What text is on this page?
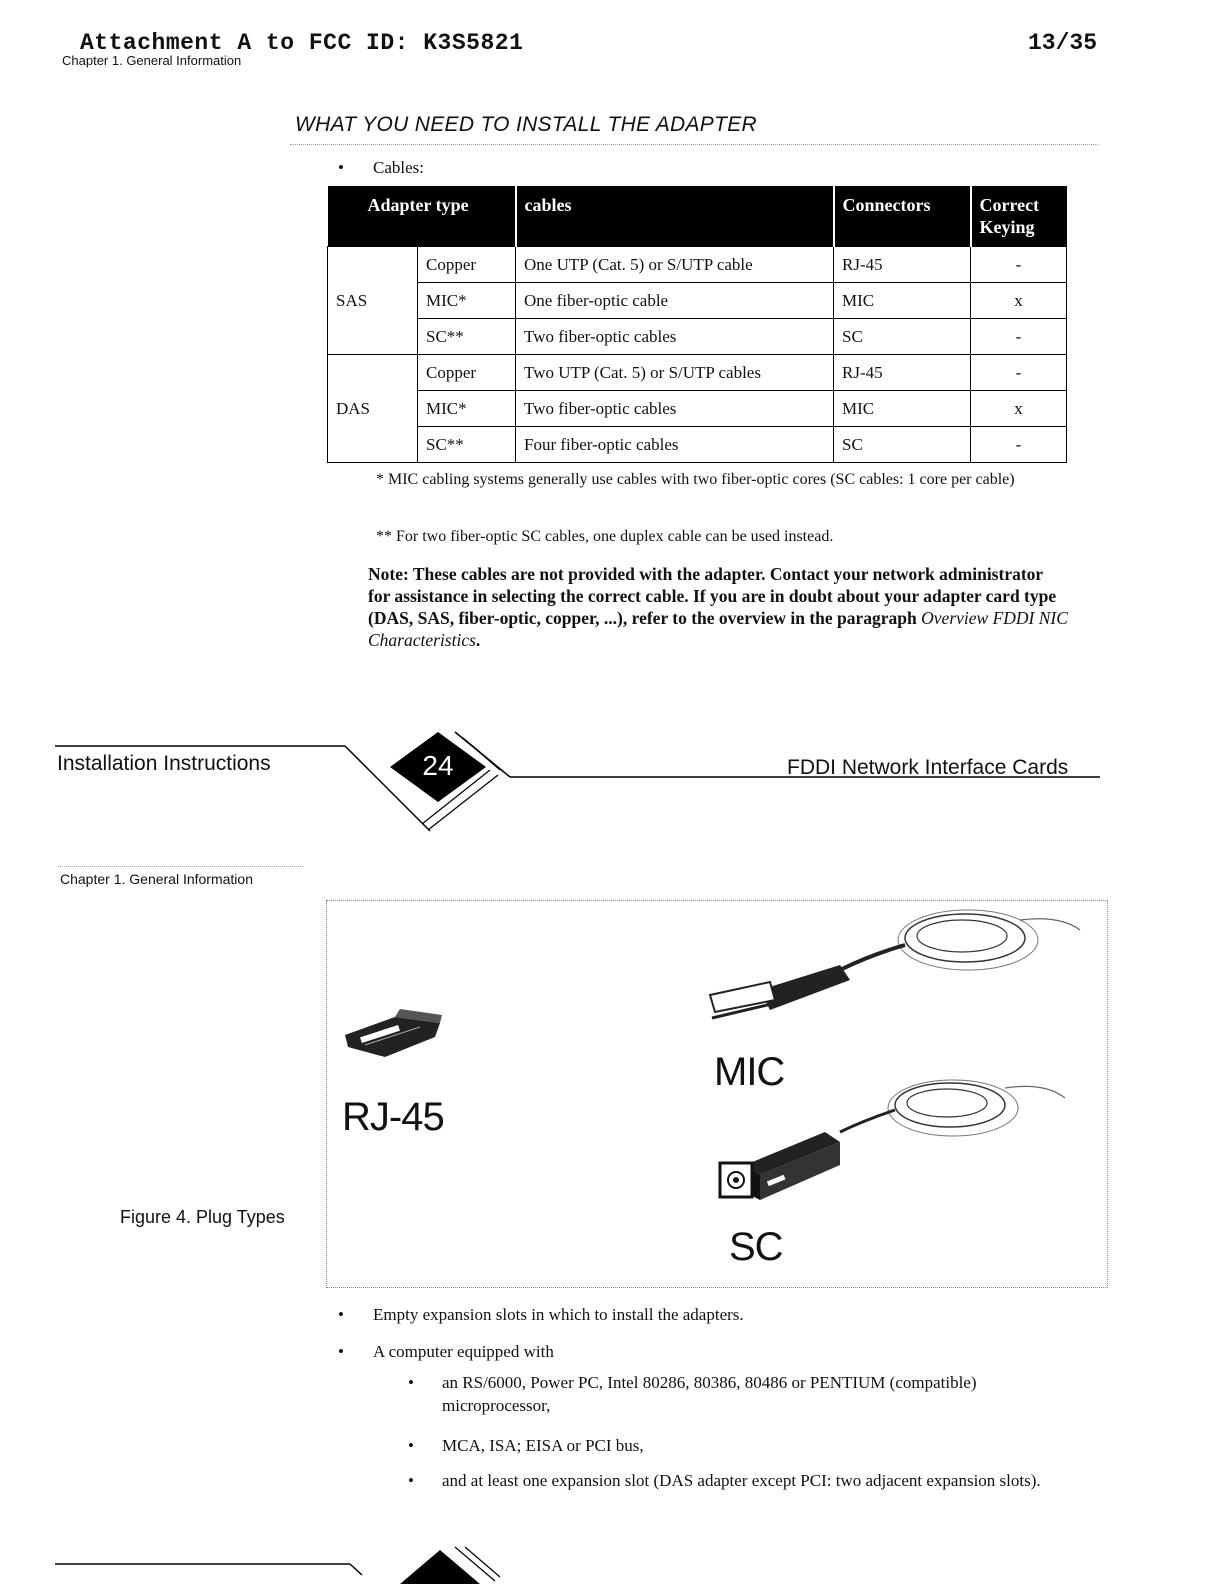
Attachment A to FCC ID: K3S5821
Chapter 1. General Information
13/35
WHAT YOU NEED TO INSTALL THE ADAPTER
• Cables:
Adapter type		cables	Connectors	Correct Keying
SAS	Copper	One UTP (Cat. 5) or S/UTP cable	RJ-45	-
	MIC*	One fiber-optic cable	MIC	x
	SC**	Two fiber-optic cables	SC	-
DAS	Copper	Two UTP (Cat. 5) or S/UTP cables	RJ-45	-
	MIC*	Two fiber-optic cables	MIC	x
	SC**	Four fiber-optic cables	SC	-
* MIC cabling systems generally use cables with two fiber-optic cores (SC cables: 1 core per cable)
** For two fiber-optic SC cables, one duplex cable can be used instead.
Note: These cables are not provided with the adapter. Contact your network administrator for assistance in selecting the correct cable. If you are in doubt about your adapter card type (DAS, SAS, fiber-optic, copper, ...), refer to the overview in the paragraph Overview FDDI NIC Characteristics.
Installation Instructions	24	FDDI Network Interface Cards
Chapter 1. General Information
RJ-45
MIC
SC
Figure 4. Plug Types
• Empty expansion slots in which to install the adapters.
• A computer equipped with
• an RS/6000, Power PC, Intel 80286, 80386, 80486 or PENTIUM (compatible) microprocessor,
• MCA, ISA; EISA or PCI bus,
• and at least one expansion slot (DAS adapter except PCI: two adjacent expansion slots).
